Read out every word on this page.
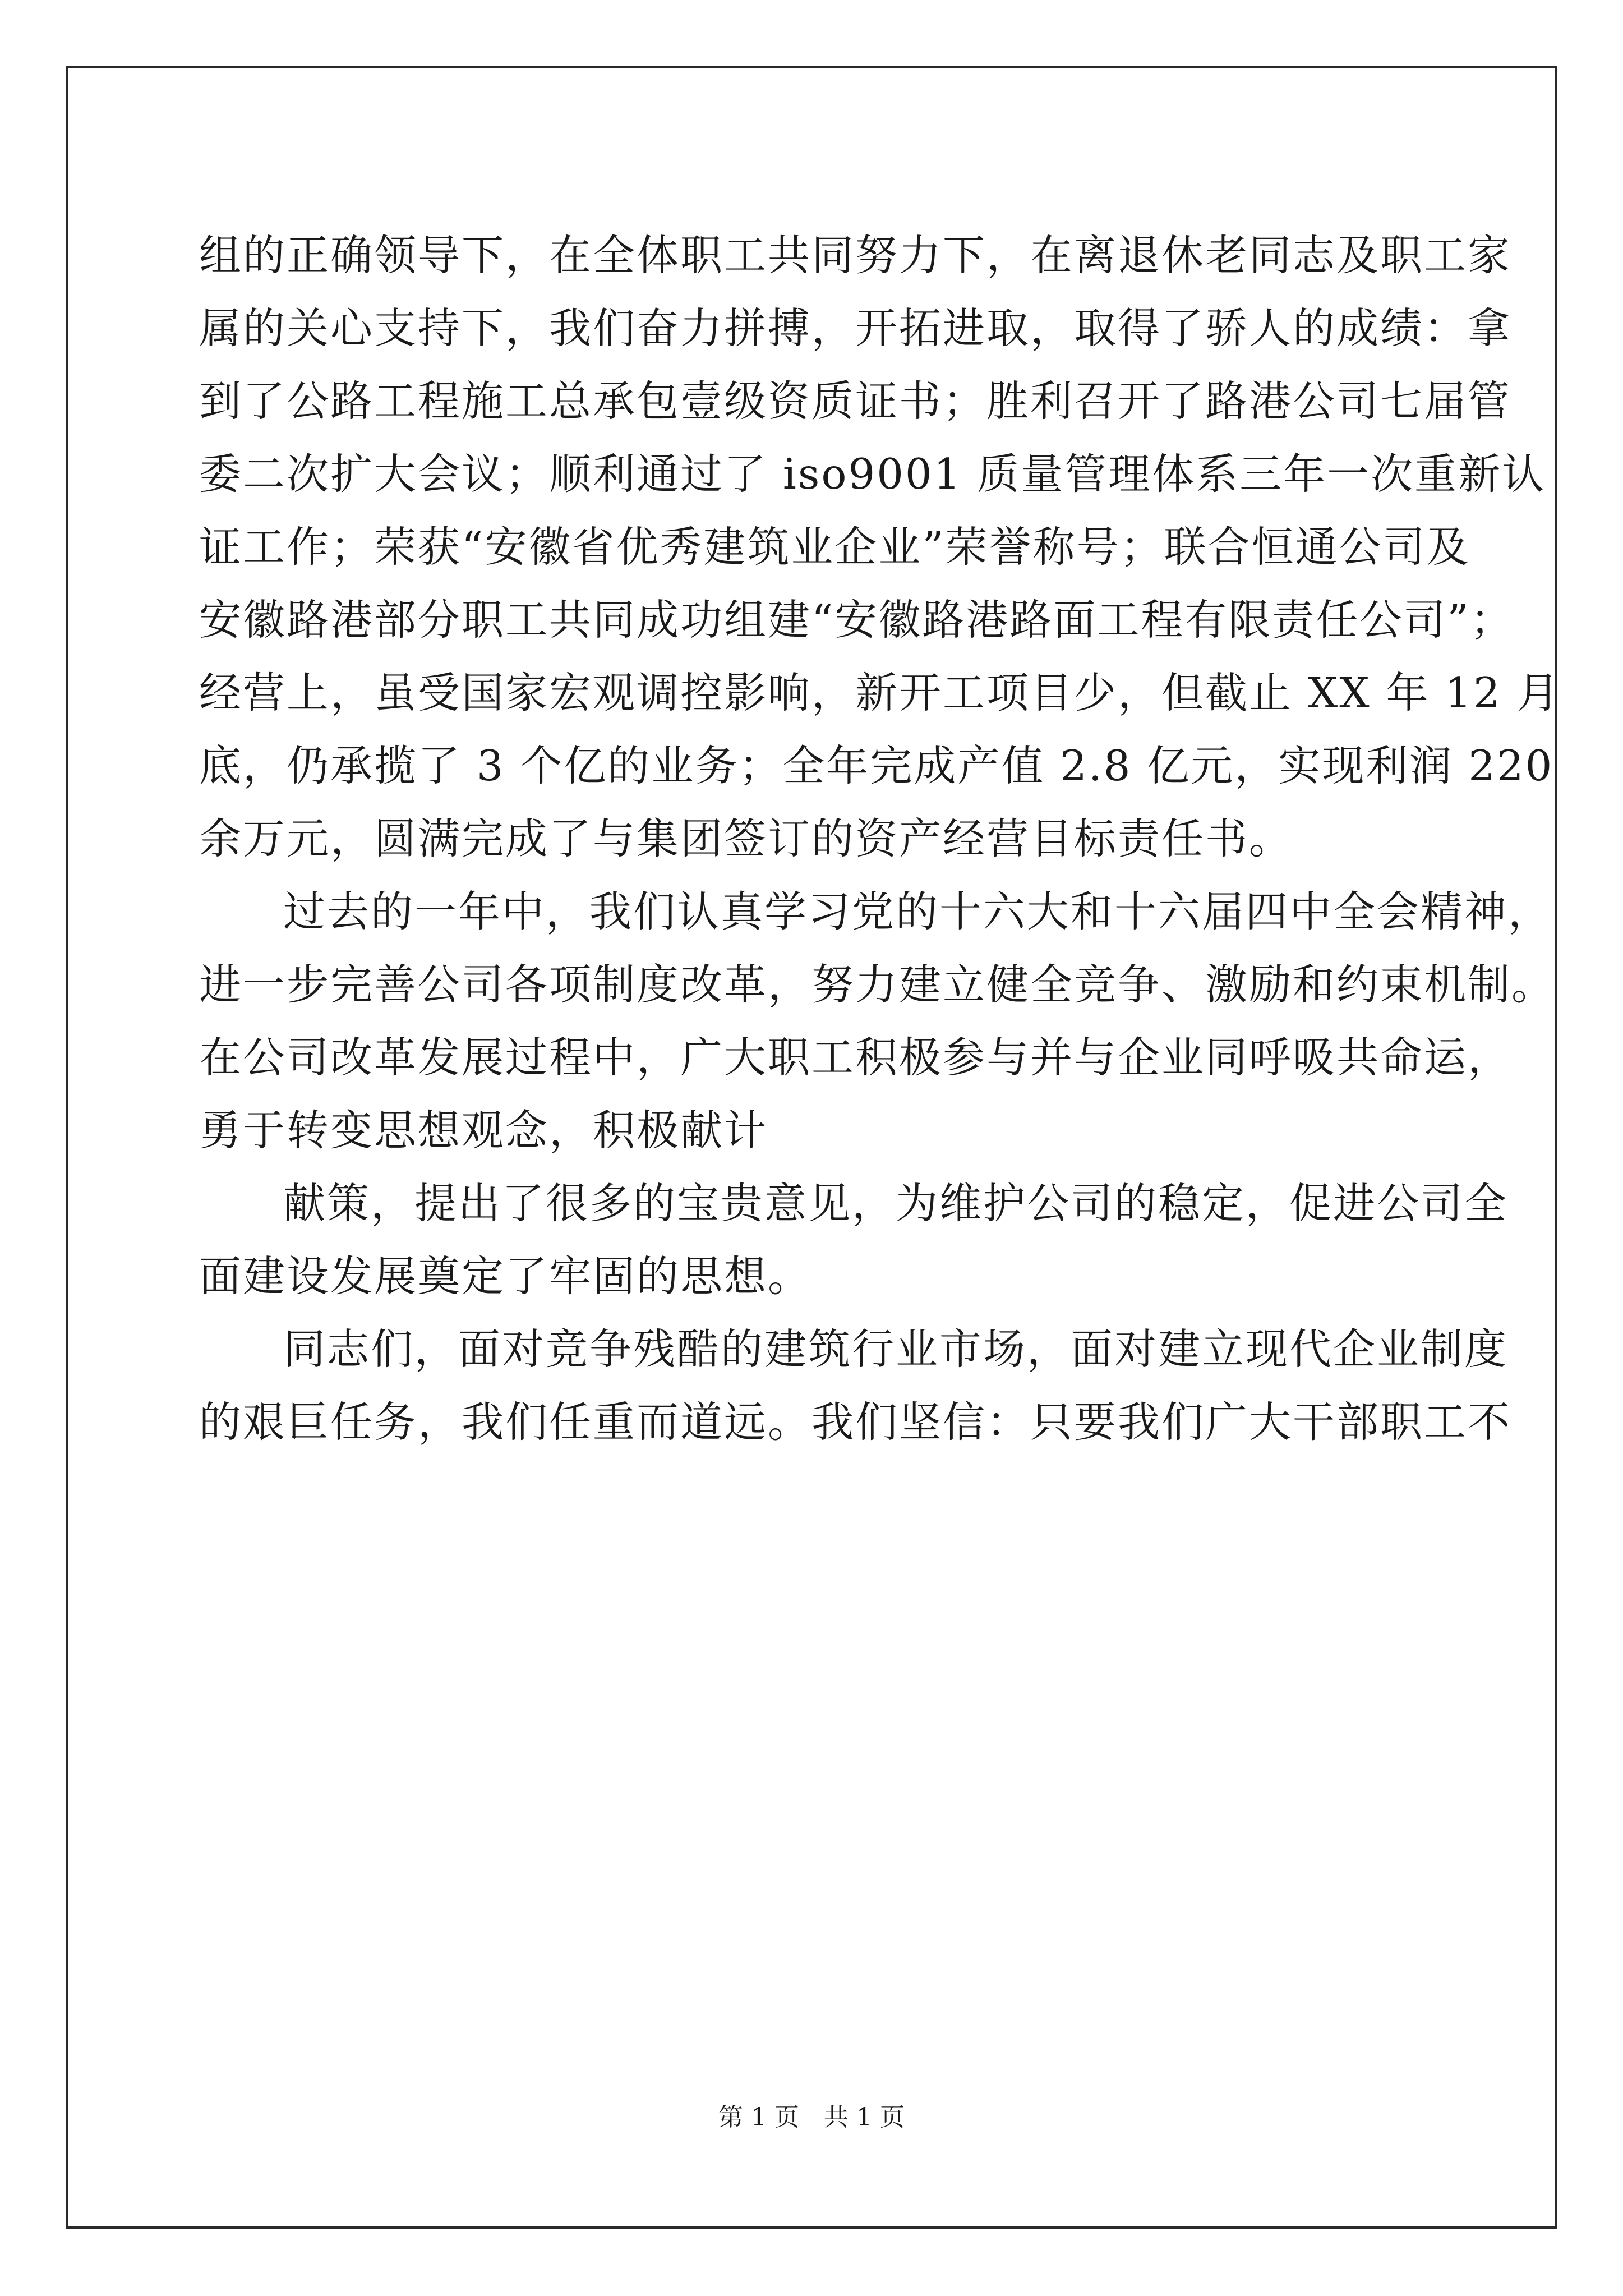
组的正确领导下，在全体职工共同努力下，在离退休老同志及职工家
属的关心支持下，我们奋力拼搏，开拓进取，取得了骄人的成绩：拿
到了公路工程施工总承包壹级资质证书；胜利召开了路港公司七届管
委二次扩大会议；顺利通过了 iso9001 质量管理体系三年一次重新认
证工作；荣获“安徽省优秀建筑业企业”荣誉称号；联合恒通公司及
安徽路港部分职工共同成功组建“安徽路港路面工程有限责任公司”；
经营上，虽受国家宏观调控影响，新开工项目少，但截止 XX 年 12 月
底，仍承揽了 3 个亿的业务；全年完成产值 2.8 亿元，实现利润 220
余万元，圆满完成了与集团签订的资产经营目标责任书。
过去的一年中，我们认真学习党的十六大和十六届四中全会精神，
进一步完善公司各项制度改革，努力建立健全竞争、激励和约束机制。
在公司改革发展过程中，广大职工积极参与并与企业同呼吸共命运，
勇于转变思想观念，积极献计
献策，提出了很多的宝贵意见，为维护公司的稳定，促进公司全
面建设发展奠定了牢固的思想。
同志们，面对竞争残酷的建筑行业市场，面对建立现代企业制度
的艰巨任务，我们任重而道远。我们坚信：只要我们广大干部职工不
第 1 页　共 1 页
